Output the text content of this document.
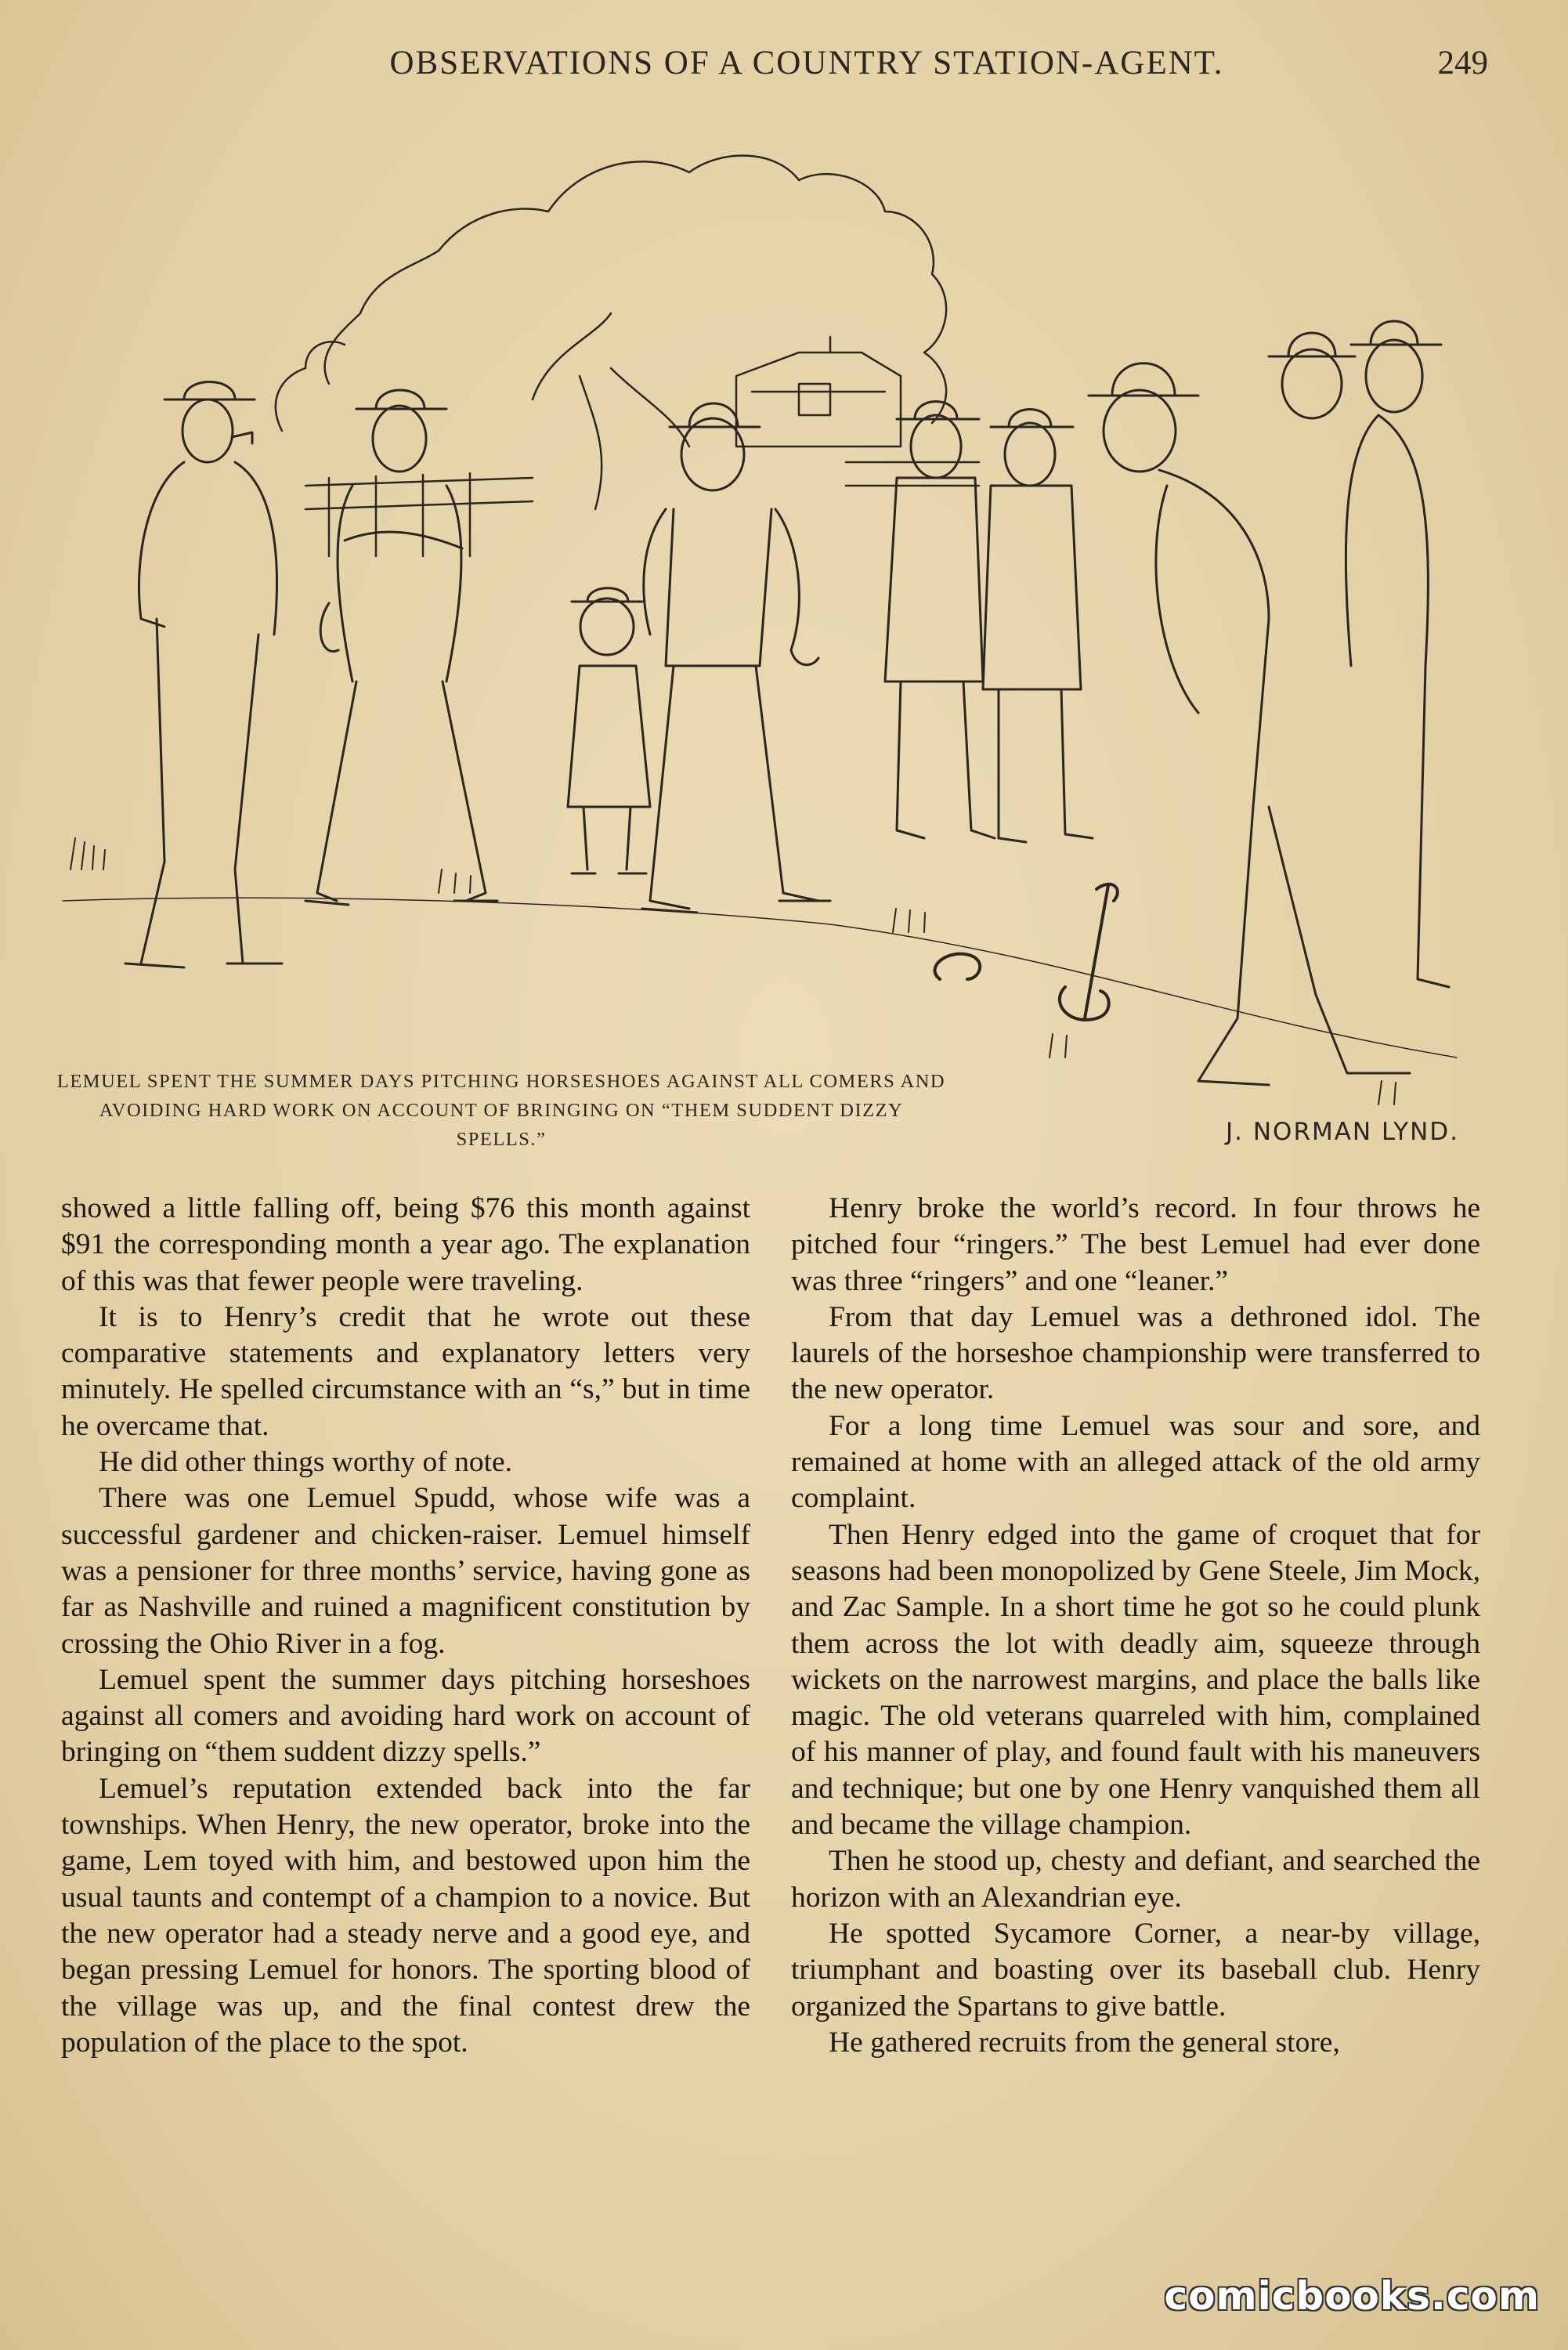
OBSERVATIONS OF A COUNTRY STATION-AGENT.	249
LEMUEL SPENT THE SUMMER DAYS PITCHING HORSESHOES AGAINST ALL COMERS AND AVOIDING HARD WORK ON ACCOUNT OF BRINGING ON “THEM SUDDENT DIZZY SPELLS.”	J. NORMAN LYND.

showed a little falling off, being $76 this month against $91 the corresponding month a year ago. The explanation of this was that fewer people were traveling.

It is to Henry’s credit that he wrote out these comparative statements and explanatory letters very minutely. He spelled circumstance with an “s,” but in time he overcame that.

He did other things worthy of note.

There was one Lemuel Spudd, whose wife was a successful gardener and chicken-raiser. Lemuel himself was a pensioner for three months’ service, having gone as far as Nashville and ruined a magnificent constitution by crossing the Ohio River in a fog.

Lemuel spent the summer days pitching horseshoes against all comers and avoiding hard work on account of bringing on “them suddent dizzy spells.”

Lemuel’s reputation extended back into the far townships. When Henry, the new operator, broke into the game, Lem toyed with him, and bestowed upon him the usual taunts and contempt of a champion to a novice. But the new operator had a steady nerve and a good eye, and began pressing Lemuel for honors. The sporting blood of the village was up, and the final contest drew the population of the place to the spot.

Henry broke the world’s record. In four throws he pitched four “ringers.” The best Lemuel had ever done was three “ringers” and one “leaner.”

From that day Lemuel was a dethroned idol. The laurels of the horseshoe championship were transferred to the new operator.

For a long time Lemuel was sour and sore, and remained at home with an alleged attack of the old army complaint.

Then Henry edged into the game of croquet that for seasons had been monopolized by Gene Steele, Jim Mock, and Zac Sample. In a short time he got so he could plunk them across the lot with deadly aim, squeeze through wickets on the narrowest margins, and place the balls like magic. The old veterans quarreled with him, complained of his manner of play, and found fault with his maneuvers and technique; but one by one Henry vanquished them all and became the village champion.

Then he stood up, chesty and defiant, and searched the horizon with an Alexandrian eye.

He spotted Sycamore Corner, a near-by village, triumphant and boasting over its baseball club. Henry organized the Spartans to give battle.

He gathered recruits from the general store,

comicbooks.com
